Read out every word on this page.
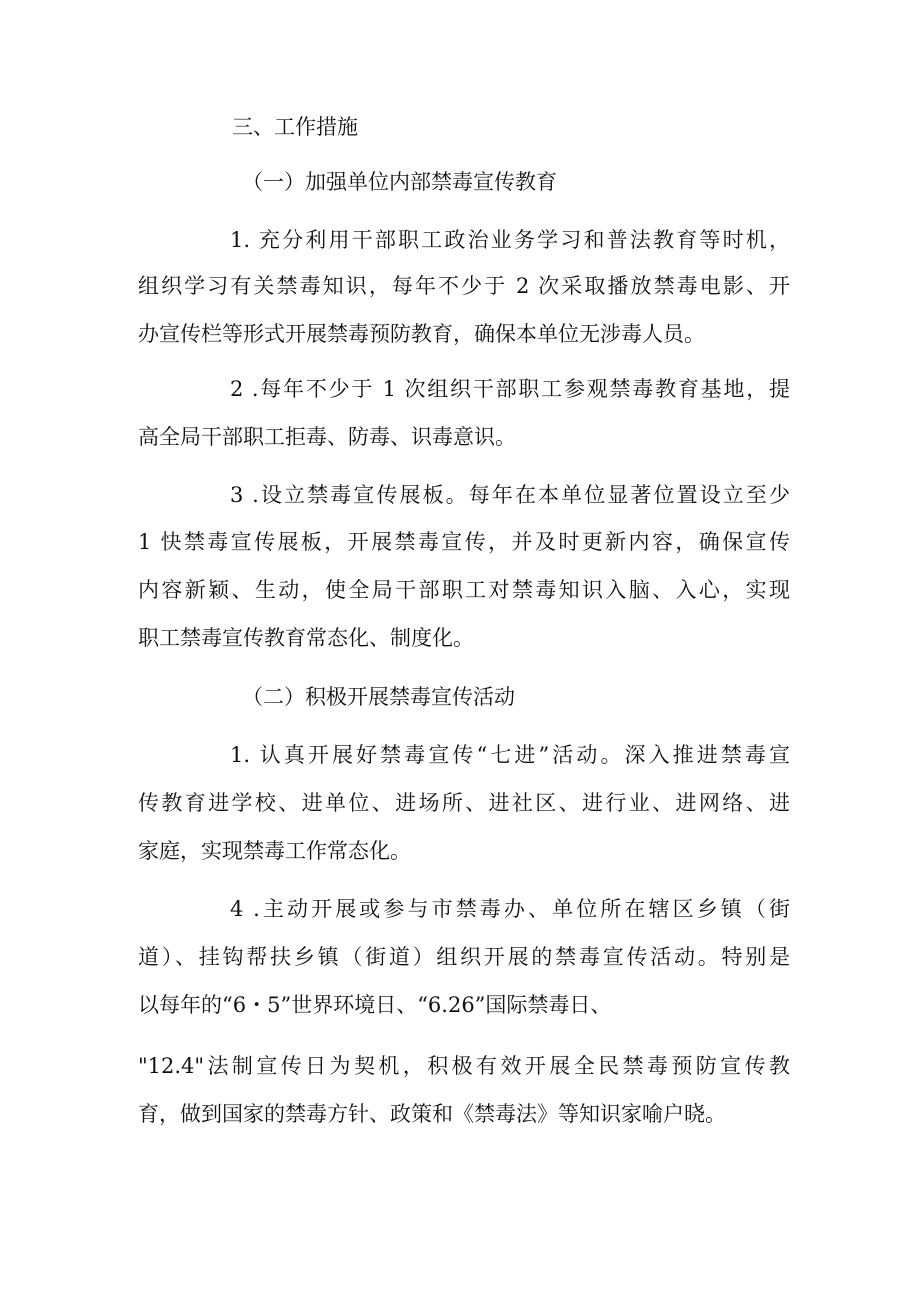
三、工作措施
（一）加强单位内部禁毒宣传教育
1. 充分利用干部职工政治业务学习和普法教育等时机，
组织学习有关禁毒知识，每年不少于 2 次采取播放禁毒电影、开
办宣传栏等形式开展禁毒预防教育，确保本单位无涉毒人员。
2 .每年不少于 1 次组织干部职工参观禁毒教育基地，提
高全局干部职工拒毒、防毒、识毒意识。
3 .设立禁毒宣传展板。每年在本单位显著位置设立至少
1 快禁毒宣传展板，开展禁毒宣传，并及时更新内容，确保宣传
内容新颖、生动，使全局干部职工对禁毒知识入脑、入心，实现
职工禁毒宣传教育常态化、制度化。
（二）积极开展禁毒宣传活动
1. 认真开展好禁毒宣传“七进”活动。深入推进禁毒宣
传教育进学校、进单位、进场所、进社区、进行业、进网络、进
家庭，实现禁毒工作常态化。
4 .主动开展或参与市禁毒办、单位所在辖区乡镇（街
道）、挂钩帮扶乡镇（街道）组织开展的禁毒宣传活动。特别是
以每年的“6・5”世界环境日、“6.26”国际禁毒日、
"12.4"法制宣传日为契机，积极有效开展全民禁毒预防宣传教
育，做到国家的禁毒方针、政策和《禁毒法》等知识家喻户晓。
